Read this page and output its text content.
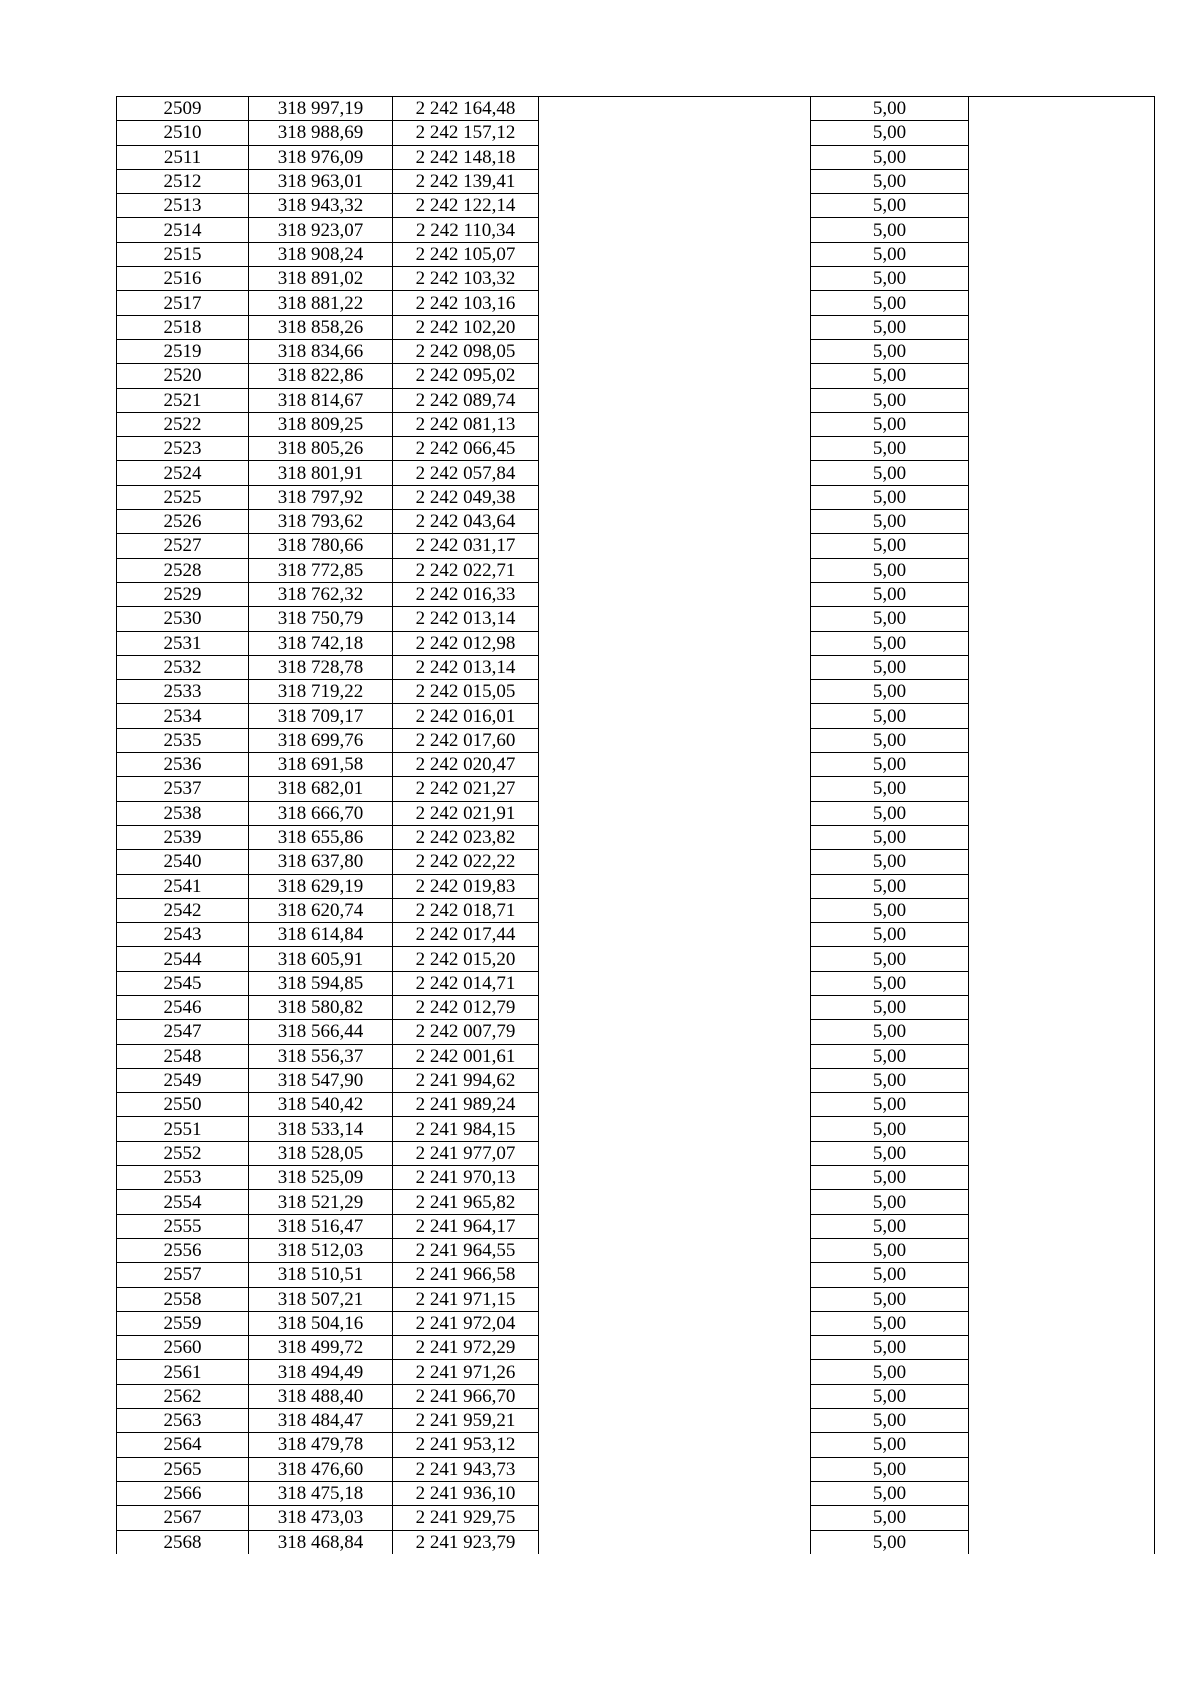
2509	318 997,19	2 242 164,48		5,00	
2510	318 988,69	2 242 157,12		5,00	
2511	318 976,09	2 242 148,18		5,00	
2512	318 963,01	2 242 139,41		5,00	
2513	318 943,32	2 242 122,14		5,00	
2514	318 923,07	2 242 110,34		5,00	
2515	318 908,24	2 242 105,07		5,00	
2516	318 891,02	2 242 103,32		5,00	
2517	318 881,22	2 242 103,16		5,00	
2518	318 858,26	2 242 102,20		5,00	
2519	318 834,66	2 242 098,05		5,00	
2520	318 822,86	2 242 095,02		5,00	
2521	318 814,67	2 242 089,74		5,00	
2522	318 809,25	2 242 081,13		5,00	
2523	318 805,26	2 242 066,45		5,00	
2524	318 801,91	2 242 057,84		5,00	
2525	318 797,92	2 242 049,38		5,00	
2526	318 793,62	2 242 043,64		5,00	
2527	318 780,66	2 242 031,17		5,00	
2528	318 772,85	2 242 022,71		5,00	
2529	318 762,32	2 242 016,33		5,00	
2530	318 750,79	2 242 013,14		5,00	
2531	318 742,18	2 242 012,98		5,00	
2532	318 728,78	2 242 013,14		5,00	
2533	318 719,22	2 242 015,05		5,00	
2534	318 709,17	2 242 016,01		5,00	
2535	318 699,76	2 242 017,60		5,00	
2536	318 691,58	2 242 020,47		5,00	
2537	318 682,01	2 242 021,27		5,00	
2538	318 666,70	2 242 021,91		5,00	
2539	318 655,86	2 242 023,82		5,00	
2540	318 637,80	2 242 022,22		5,00	
2541	318 629,19	2 242 019,83		5,00	
2542	318 620,74	2 242 018,71		5,00	
2543	318 614,84	2 242 017,44		5,00	
2544	318 605,91	2 242 015,20		5,00	
2545	318 594,85	2 242 014,71		5,00	
2546	318 580,82	2 242 012,79		5,00	
2547	318 566,44	2 242 007,79		5,00	
2548	318 556,37	2 242 001,61		5,00	
2549	318 547,90	2 241 994,62		5,00	
2550	318 540,42	2 241 989,24		5,00	
2551	318 533,14	2 241 984,15		5,00	
2552	318 528,05	2 241 977,07		5,00	
2553	318 525,09	2 241 970,13		5,00	
2554	318 521,29	2 241 965,82		5,00	
2555	318 516,47	2 241 964,17		5,00	
2556	318 512,03	2 241 964,55		5,00	
2557	318 510,51	2 241 966,58		5,00	
2558	318 507,21	2 241 971,15		5,00	
2559	318 504,16	2 241 972,04		5,00	
2560	318 499,72	2 241 972,29		5,00	
2561	318 494,49	2 241 971,26		5,00	
2562	318 488,40	2 241 966,70		5,00	
2563	318 484,47	2 241 959,21		5,00	
2564	318 479,78	2 241 953,12		5,00	
2565	318 476,60	2 241 943,73		5,00	
2566	318 475,18	2 241 936,10		5,00	
2567	318 473,03	2 241 929,75		5,00	
2568	318 468,84	2 241 923,79		5,00	
